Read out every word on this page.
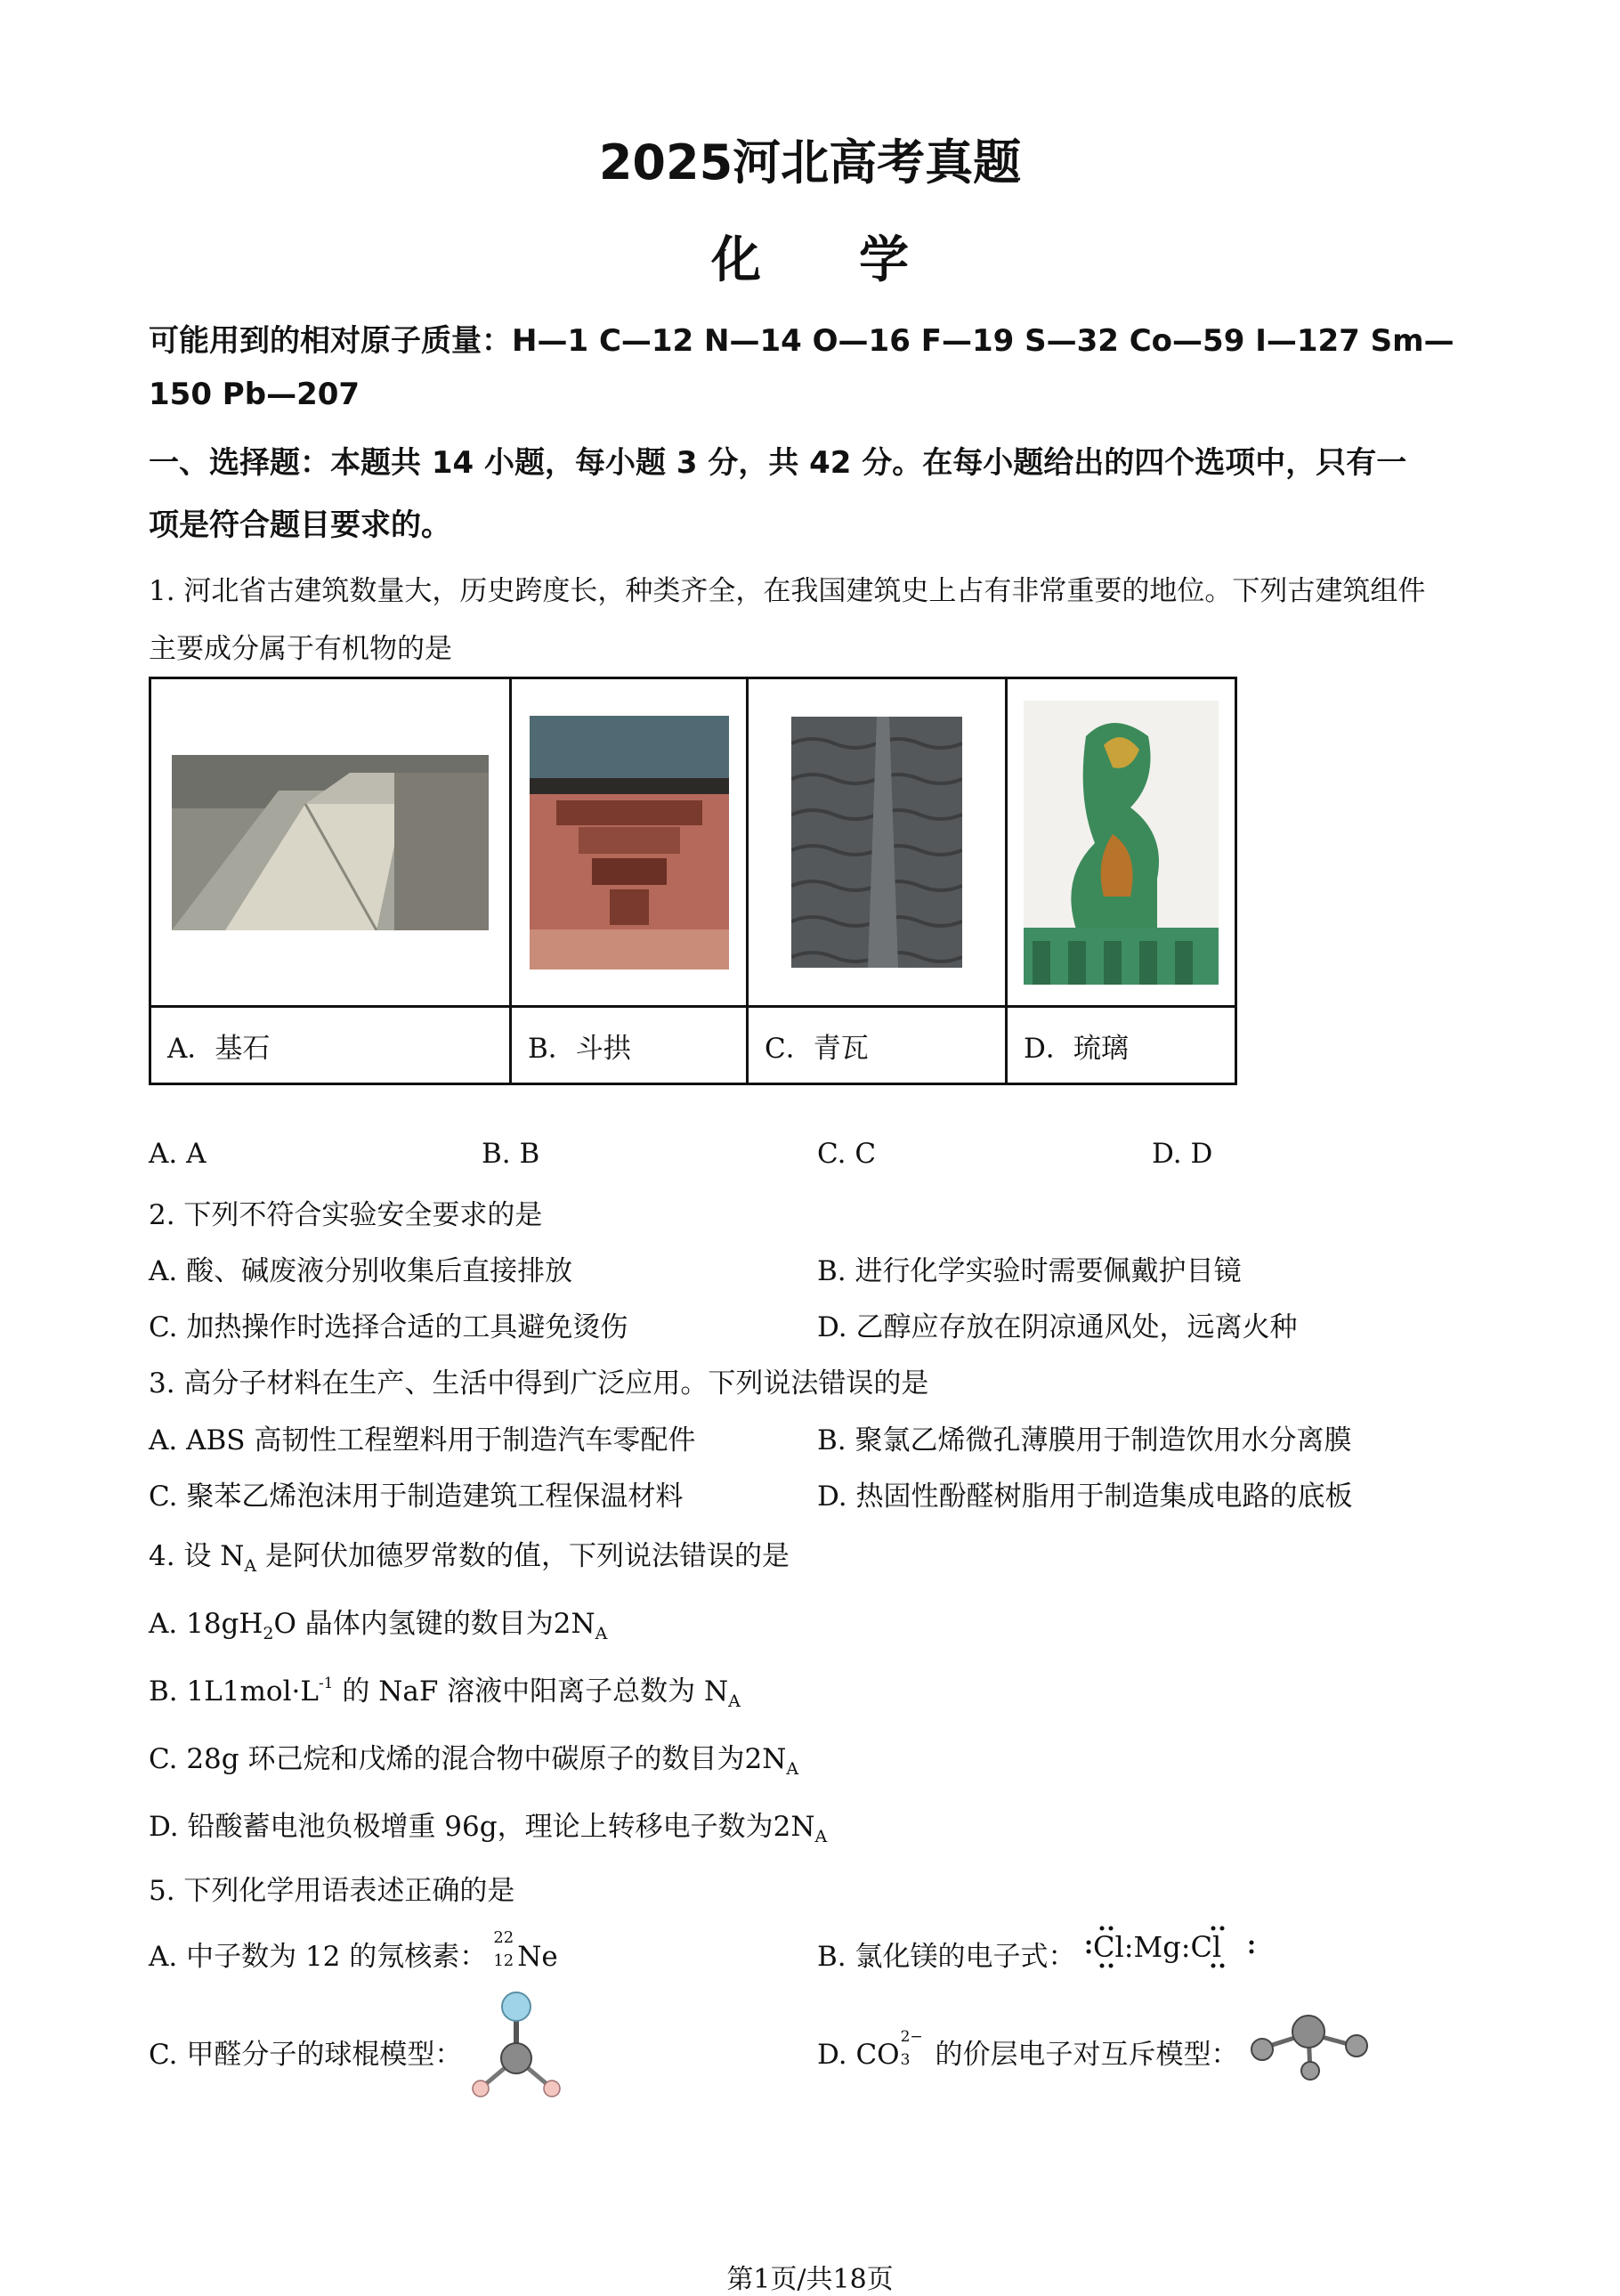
2025河北高考真题
化学
可能用到的相对原子质量：H—1 C—12 N—14 O—16 F—19 S—32 Co—59 I—127 Sm—
150 Pb—207
一、选择题：本题共 14 小题，每小题 3 分，共 42 分。在每小题给出的四个选项中，只有一
项是符合题目要求的。
1. 河北省古建筑数量大，历史跨度长，种类齐全，在我国建筑史上占有非常重要的地位。下列古建筑组件
主要成分属于有机物的是

A．基石	B．斗拱	C．青瓦	D．琉璃
A. A	B. B	C. C	D. D
2. 下列不符合实验安全要求的是
A. 酸、碱废液分别收集后直接排放	B. 进行化学实验时需要佩戴护目镜
C. 加热操作时选择合适的工具避免烫伤	D. 乙醇应存放在阴凉通风处，远离火种
3. 高分子材料在生产、生活中得到广泛应用。下列说法错误的是
A. ABS 高韧性工程塑料用于制造汽车零配件	B. 聚氯乙烯微孔薄膜用于制造饮用水分离膜
C. 聚苯乙烯泡沫用于制造建筑工程保温材料	D. 热固性酚醛树脂用于制造集成电路的底板
4. 设 $N_A$ 是阿伏加德罗常数的值，下列说法错误的是
A. $18gH_2O$ 晶体内氢键的数目为$2N_A$
B. $1L1mol\cdot L^{-1}$ 的 NaF 溶液中阳离子总数为 $N_A$
C. 28g 环己烷和戊烯的混合物中碳原子的数目为$2N_A$
D. 铅酸蓄电池负极增重 96g，理论上转移电子数为$2N_A$
5. 下列化学用语表述正确的是
A. 中子数为 12 的氖核素：
22
12 Ne	B. 氯化镁的电子式： Cl:Mg:Cl
C. 甲醛分子的球棍模型：	D. CO
2−
3 的价层电子对互斥模型：
第1页/共18页
